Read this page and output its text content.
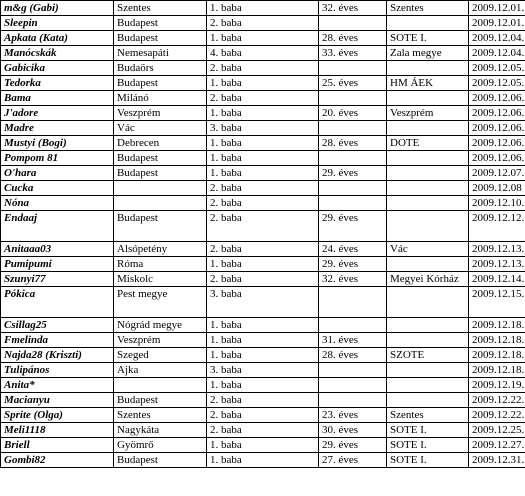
m&g (Gabi)	Szentes	1. baba	32. éves	Szentes	2009.12.01.
Sleepin	Budapest	2. baba			2009.12.01.
Apkata (Kata)	Budapest	1. baba	28. éves	SOTE I.	2009.12.04.
Manócskák	Nemesapáti	4. baba	33. éves	Zala megye	2009.12.04.
Gabicika	Budaörs	2. baba			2009.12.05.
Tedorka	Budapest	1. baba	25. éves	HM ÁEK	2009.12.05.
Bama	Milánó	2. baba			2009.12.06.
J'adore	Veszprém	1. baba	20. éves	Veszprém	2009.12.06.
Madre	Vác	3. baba			2009.12.06.
Mustyi (Bogi)	Debrecen	1. baba	28. éves	DOTE	2009.12.06.
Pompom 81	Budapest	1. baba			2009.12.06.
O'hara	Budapest	1. baba	29. éves		2009.12.07.
Cucka		2. baba			2009.12.08
Nóna		2. baba			2009.12.10.
Endaaj	Budapest	2. baba	29. éves		2009.12.12.
Anitaaa03	Alsópetény	2. baba	24. éves	Vác	2009.12.13.
Pumipumi	Róma	1. baba	29. éves		2009.12.13.
Szunyi77	Miskolc	2. baba	32. éves	Megyei Kórház	2009.12.14.
Pókica	Pest megye	3. baba			2009.12.15.
Csillag25	Nógrád megye	1. baba			2009.12.18.
Fmelinda	Veszprém	1. baba	31. éves		2009.12.18.
Najda28 (Kriszti)	Szeged	1. baba	28. éves	SZOTE	2009.12.18.
Tulipános	Ajka	3. baba			2009.12.18.
Anita*		1. baba			2009.12.19.
Macianyu	Budapest	2. baba			2009.12.22.
Sprite (Olga)	Szentes	2. baba	23. éves	Szentes	2009.12.22.
Meli1118	Nagykáta	2. baba	30. éves	SOTE I.	2009.12.25.
Briell	Gyömrő	1. baba	29. éves	SOTE I.	2009.12.27.
Gombi82	Budapest	1. baba	27. éves	SOTE I.	2009.12.31.
